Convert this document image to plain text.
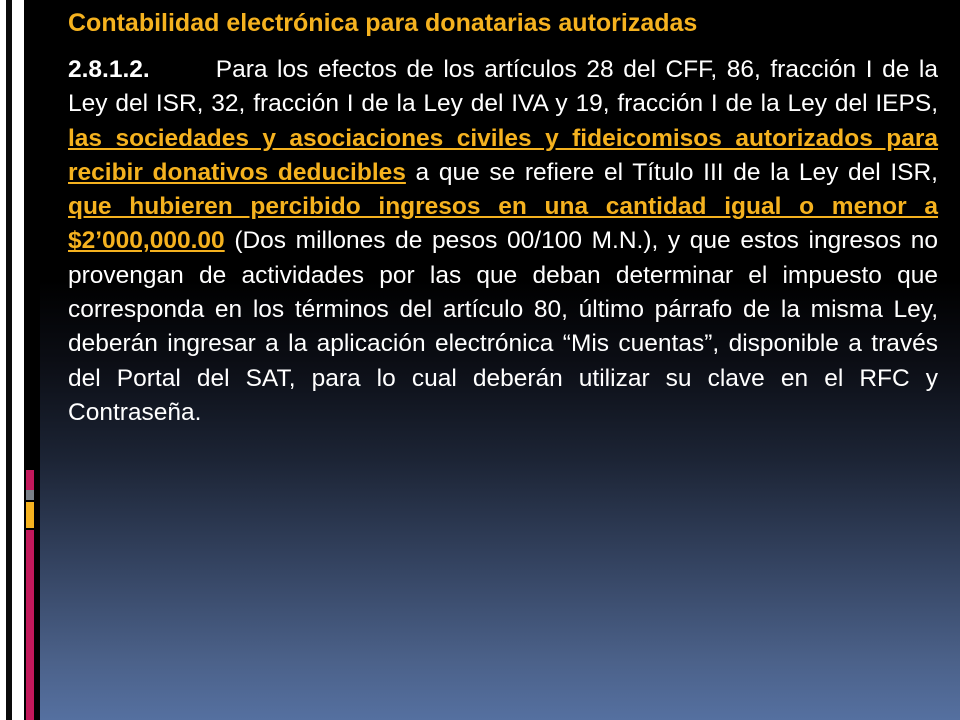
Contabilidad electrónica para donatarias autorizadas

2.8.1.2.	Para los efectos de los artículos 28 del CFF, 86, fracción I de la Ley del ISR, 32, fracción I de la Ley del IVA y 19, fracción I de la Ley del IEPS, las sociedades y asociaciones civiles y fideicomisos autorizados para recibir donativos deducibles a que se refiere el Título III de la Ley del ISR, que hubieren percibido ingresos en una cantidad igual o menor a $2’000,000.00 (Dos millones de pesos 00/100 M.N.), y que estos ingresos no provengan de actividades por las que deban determinar el impuesto que corresponda en los términos del artículo 80, último párrafo de la misma Ley, deberán ingresar a la aplicación electrónica “Mis cuentas”, disponible a través del Portal del SAT, para lo cual deberán utilizar su clave en el RFC y Contraseña.
